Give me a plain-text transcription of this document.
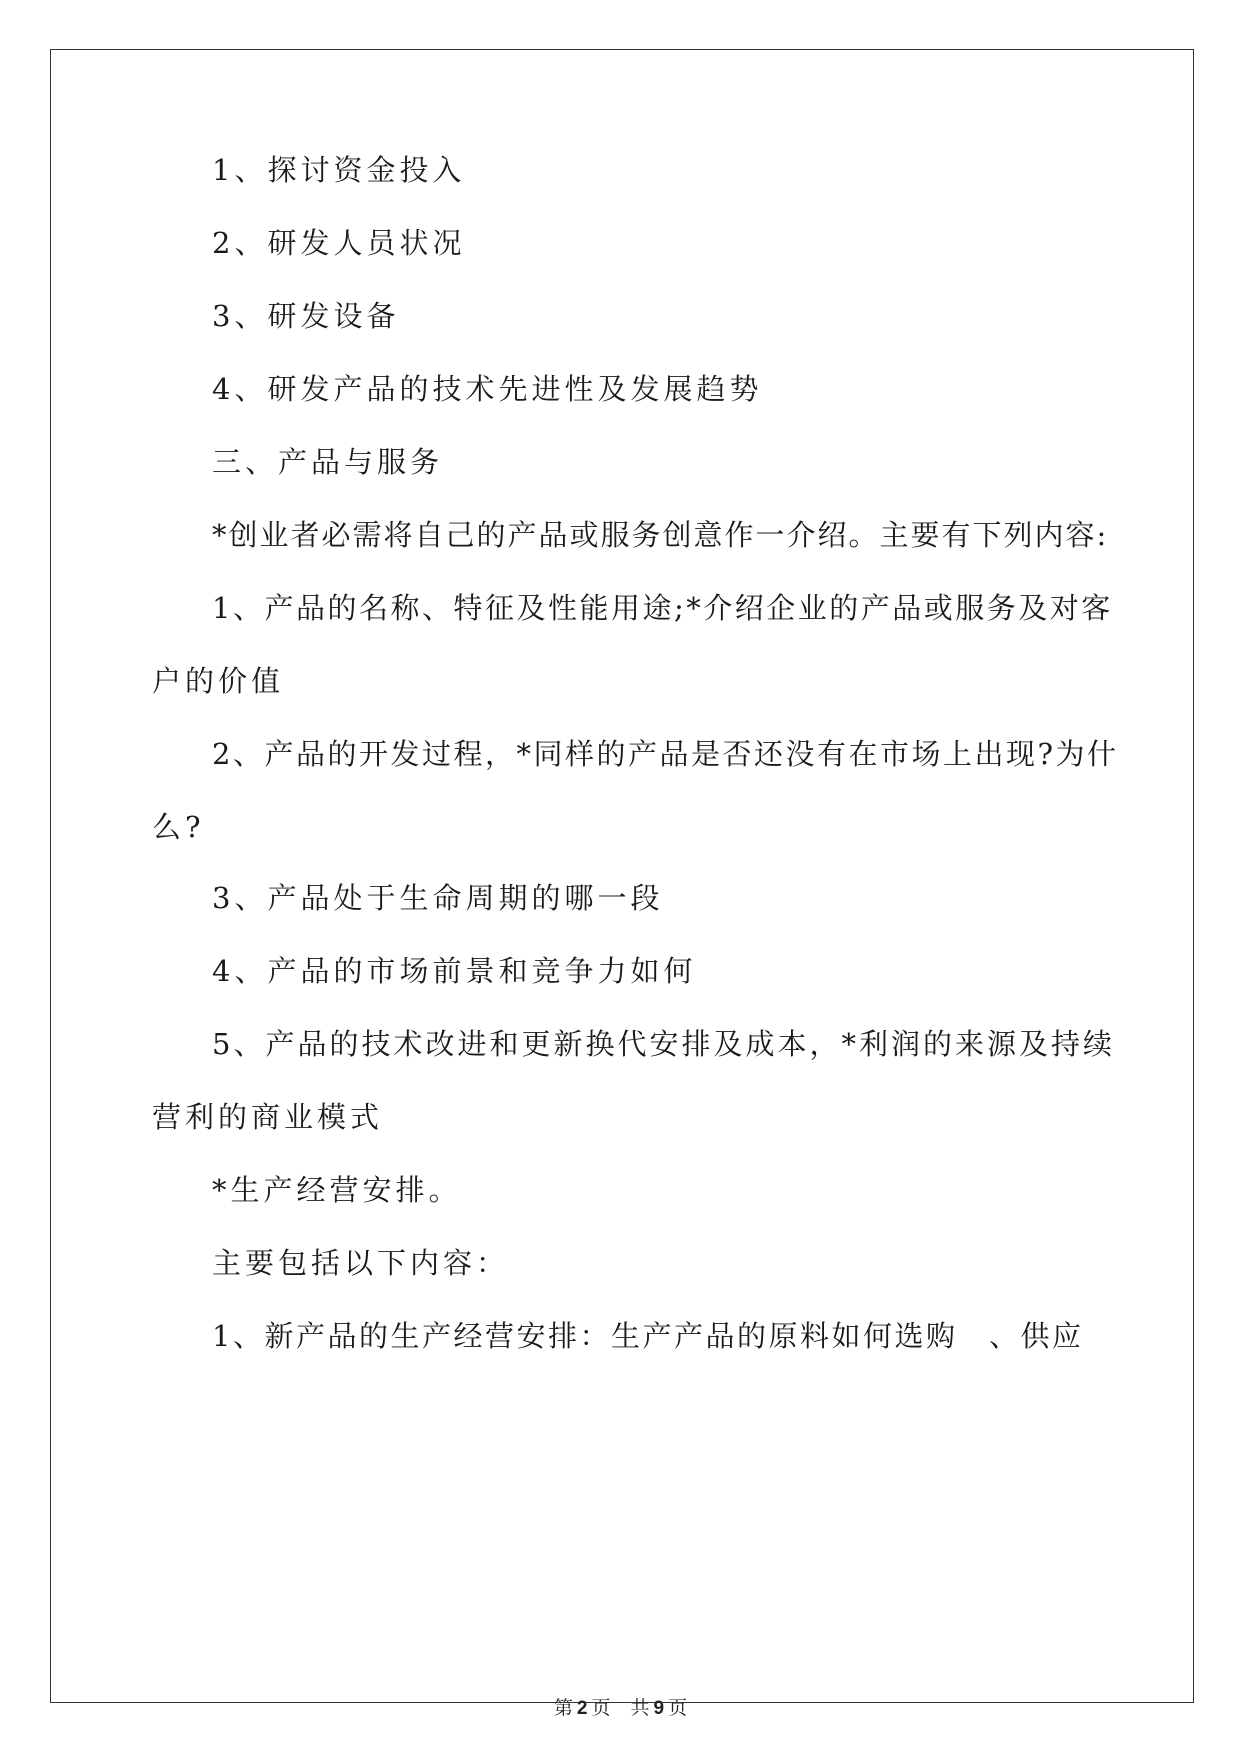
1、探讨资金投入
2、研发人员状况
3、研发设备
4、研发产品的技术先进性及发展趋势
三、产品与服务
*创业者必需将自己的产品或服务创意作一介绍。主要有下列内容:
1、产品的名称、特征及性能用途;*介绍企业的产品或服务及对客
户的价值
2、产品的开发过程，*同样的产品是否还没有在市场上出现?为什
么?
3、产品处于生命周期的哪一段
4、产品的市场前景和竞争力如何
5、产品的技术改进和更新换代安排及成本，*利润的来源及持续
营利的商业模式
*生产经营安排。
主要包括以下内容：
1、新产品的生产经营安排：生产产品的原料如何选购　、供应
第 2 页 共 9 页
